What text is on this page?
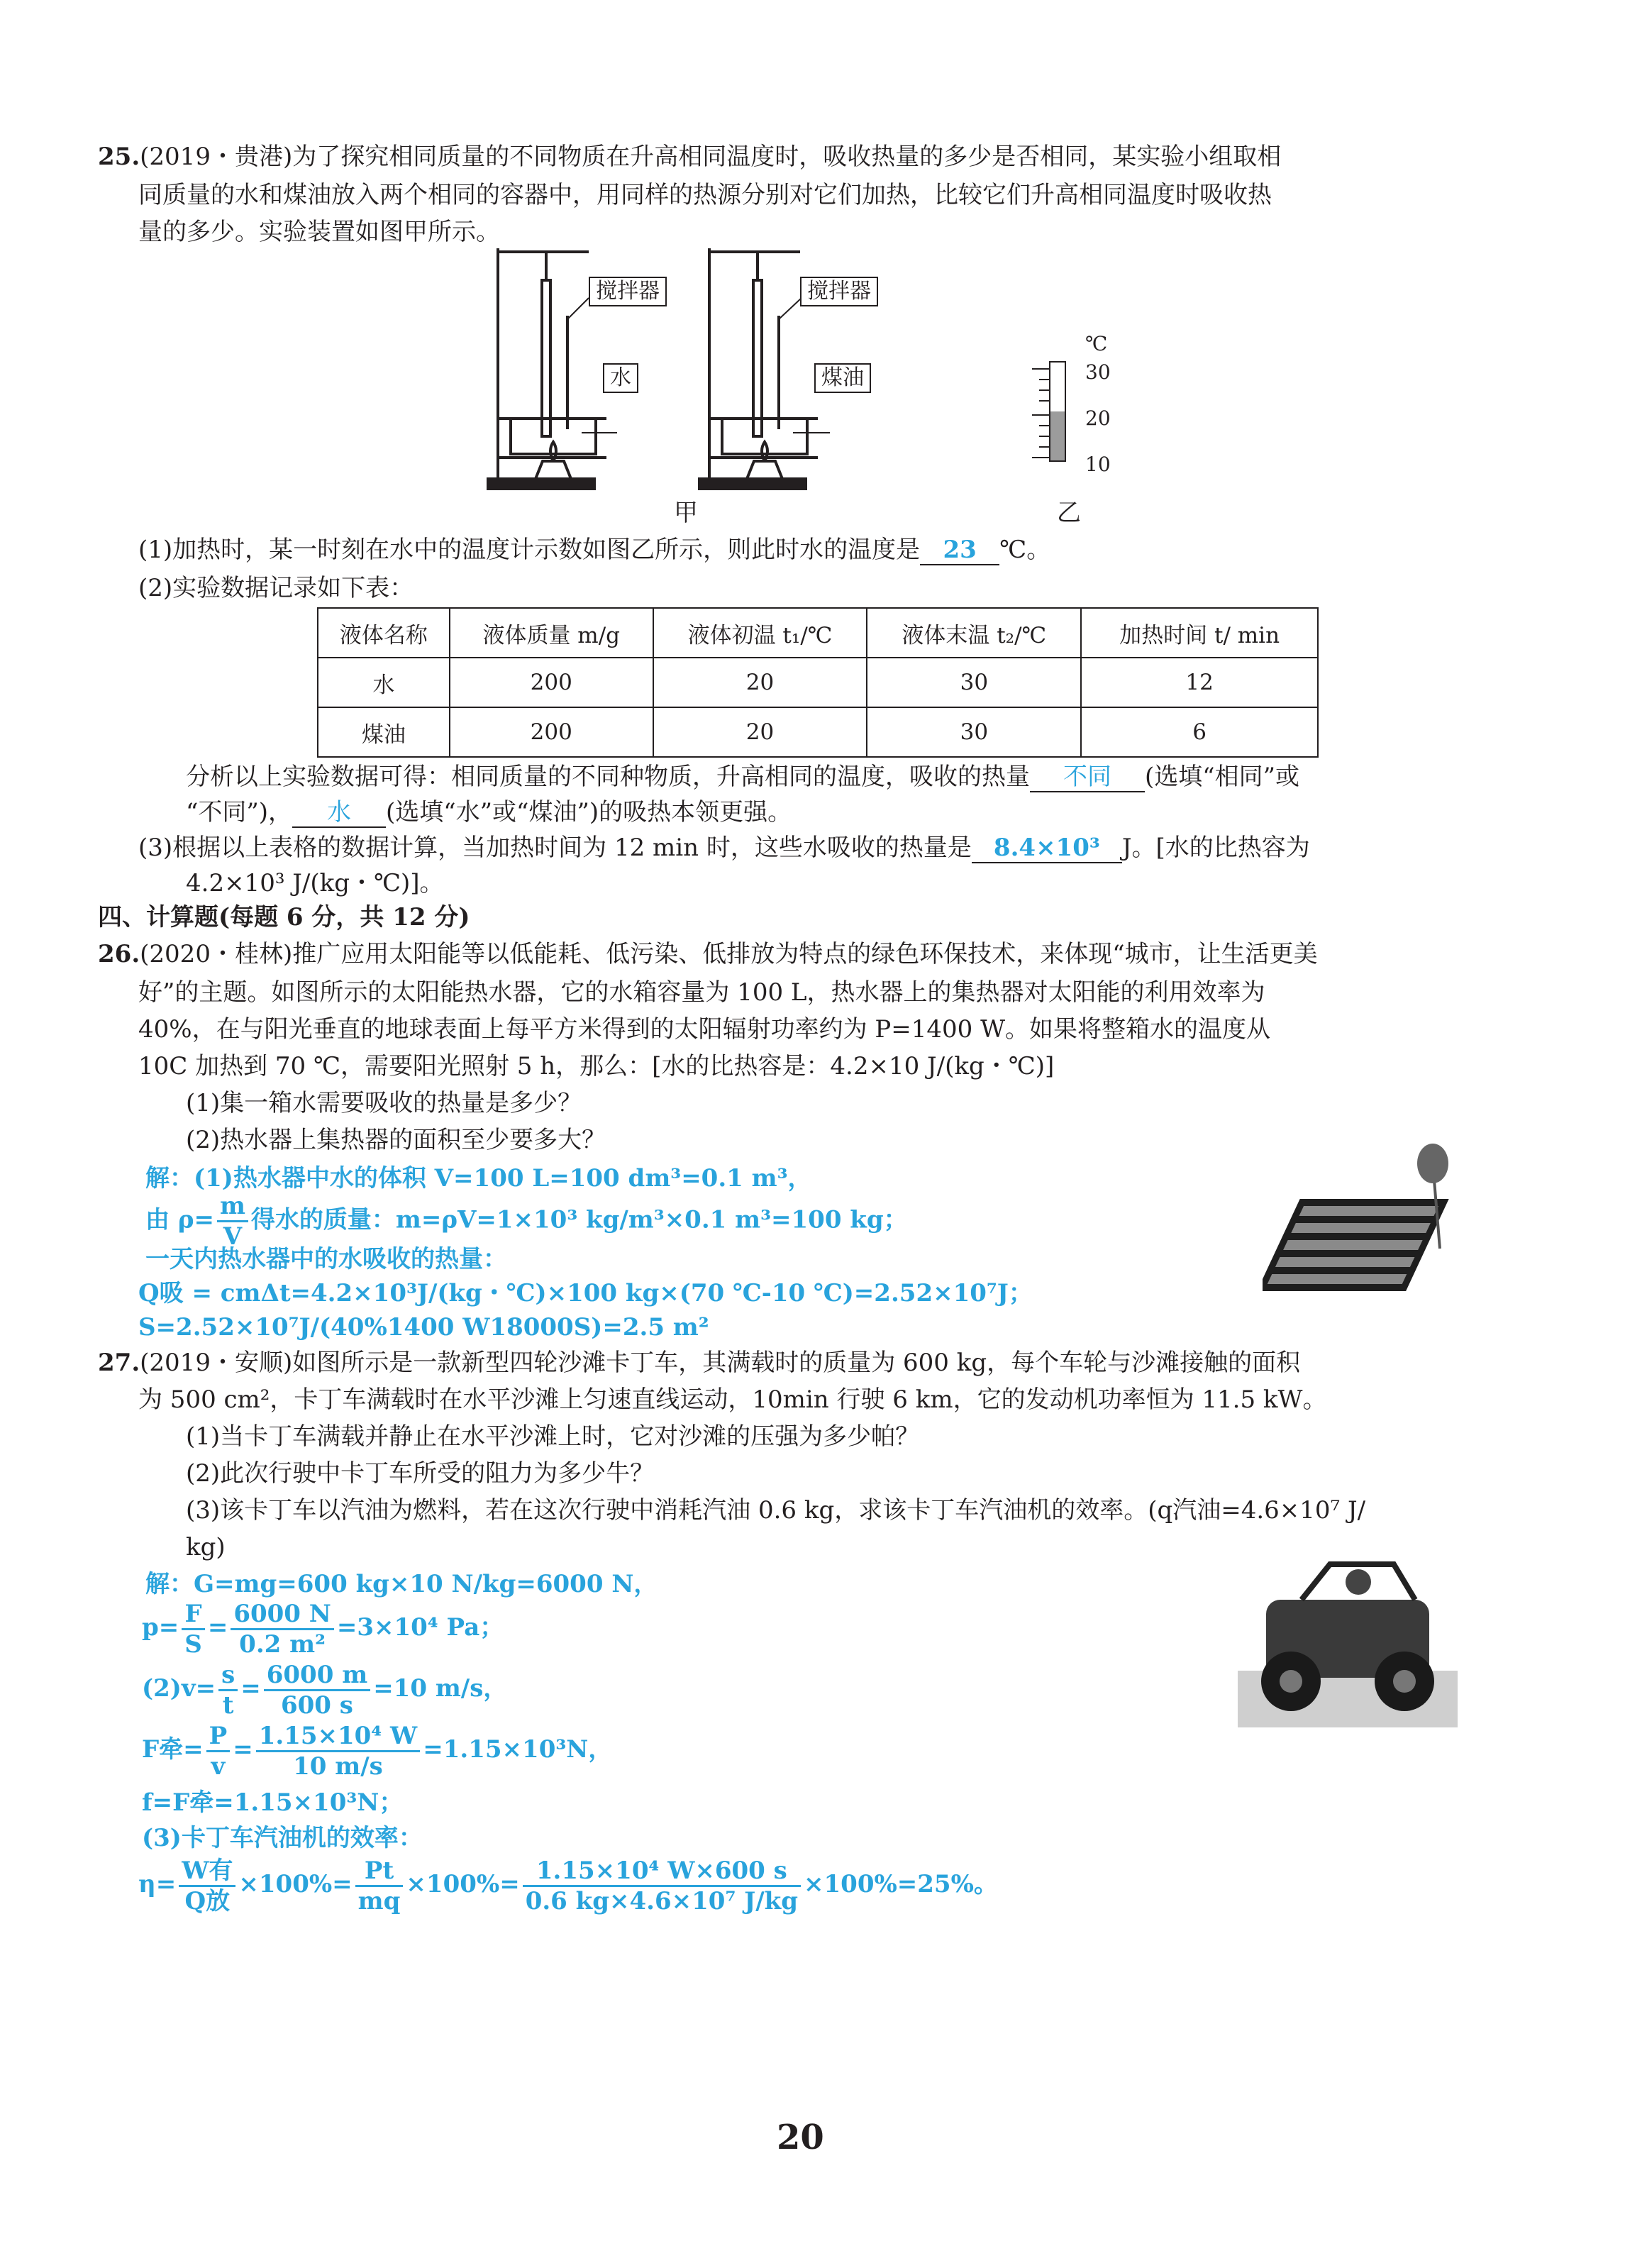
25.(2019・贵港)为了探究相同质量的不同物质在升高相同温度时，吸收热量的多少是否相同，某实验小组取相
同质量的水和煤油放入两个相同的容器中，用同样的热源分别对它们加热，比较它们升高相同温度时吸收热
量的多少。实验装置如图甲所示。
搅拌器	搅拌器
水	煤油
甲	乙
℃
30
20
10
(1)加热时，某一时刻在水中的温度计示数如图乙所示，则此时水的温度是 23 ℃。
(2)实验数据记录如下表：
液体名称	液体质量 m/g	液体初温 t₁/℃	液体末温 t₂/℃	加热时间 t/ min
水	200	20	30	12
煤油	200	20	30	6
分析以上实验数据可得：相同质量的不同种物质，升高相同的温度，吸收的热量 不同 (选填“相同”或
“不同”)， 水 (选填“水”或“煤油”)的吸热本领更强。
(3)根据以上表格的数据计算，当加热时间为 12 min 时，这些水吸收的热量是 8.4×10³ J。[水的比热容为
4.2×10³ J/(kg・℃)]。
四、计算题(每题 6 分，共 12 分)
26.(2020・桂林)推广应用太阳能等以低能耗、低污染、低排放为特点的绿色环保技术，来体现“城市，让生活更美
好”的主题。如图所示的太阳能热水器，它的水箱容量为 100 L，热水器上的集热器对太阳能的利用效率为
40%，在与阳光垂直的地球表面上每平方米得到的太阳辐射功率约为 P=1400 W。如果将整箱水的温度从
10C 加热到 70 ℃，需要阳光照射 5 h，那么：[水的比热容是：4.2×10 J/(kg・℃)]
(1)集一箱水需要吸收的热量是多少？
(2)热水器上集热器的面积至少要多大？
解：(1)热水器中水的体积 V=100 L=100 dm³=0.1 m³，
由 $\rho= \frac{m}{V}$ 得水的质量：m=ρV=1×10³ kg/m³×0.1 m³=100 kg；
一天内热水器中的水吸收的热量：
Q吸 = cmΔt=4.2×10³J/(kg・℃)×100 kg×(70 ℃-10 ℃)=2.52×10⁷J；
S=2.52×10⁷J/(40%1400 W18000S)=2.5 m²
27.(2019・安顺)如图所示是一款新型四轮沙滩卡丁车，其满载时的质量为 600 kg，每个车轮与沙滩接触的面积
为 500 cm²，卡丁车满载时在水平沙滩上匀速直线运动，10min 行驶 6 km，它的发动机功率恒为 11.5 kW。
(1)当卡丁车满载并静止在水平沙滩上时，它对沙滩的压强为多少帕？
(2)此次行驶中卡丁车所受的阻力为多少牛？
(3)该卡丁车以汽油为燃料，若在这次行驶中消耗汽油 0.6 kg，求该卡丁车汽油机的效率。(q汽油=4.6×10⁷ J/
kg)
解：G=mg=600 kg×10 N/kg=6000 N，
$p= \frac{F}{S} = \frac{6000 N}{\text{0.2 m²}} =3\times 10^4$ Pa；
$(2)v= \frac{s}{t} = \frac{6000 m}{600 s} =10$ m/s，
F牵= $\frac{P}{v} = \frac{\text{1.15×10⁴ W}}{10 m/s} =1.15\times 10^3N$，
f=F牵=1.15×10³N；
(3)卡丁车汽油机的效率：
$\eta= \frac{\text{W有}}{\text{Q放}} \times 100\%= \frac{Pt}{mq} \times 100\%= \frac{\text{1.15×10⁴ W×600 s}}{\text{0.6 kg×4.6×10⁷ J/kg}} \times 100\%=25\%$。
20
